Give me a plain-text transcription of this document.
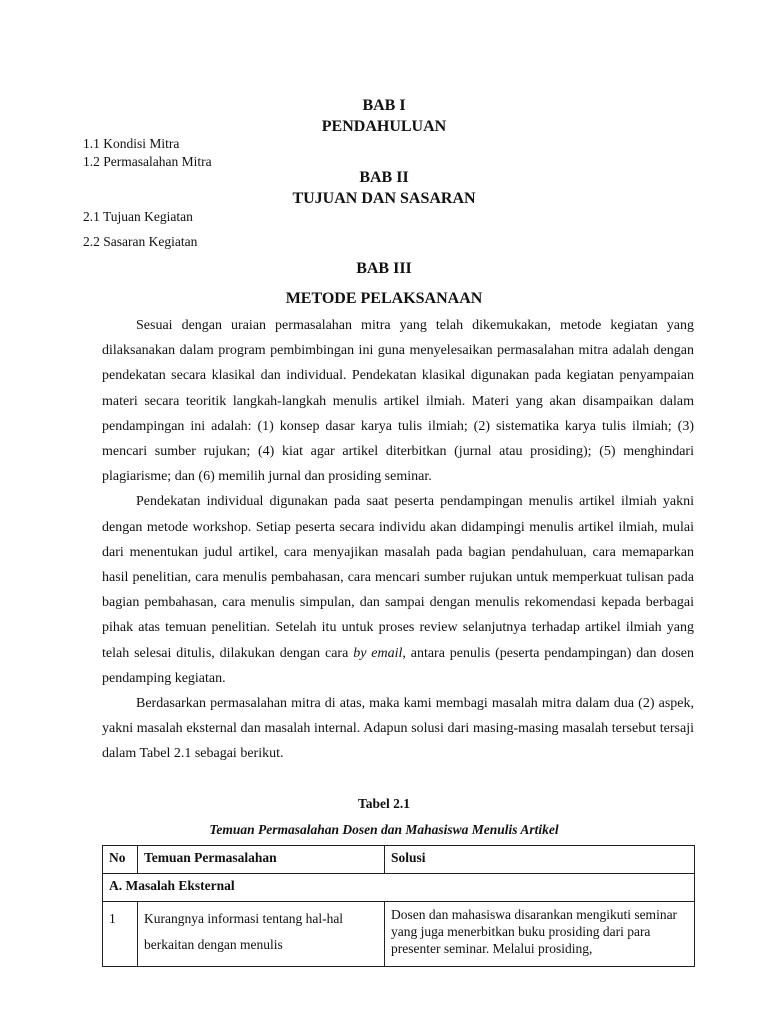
BAB I
PENDAHULUAN
1.1 Kondisi Mitra
1.2 Permasalahan Mitra
BAB II
TUJUAN DAN SASARAN
2.1 Tujuan Kegiatan
2.2 Sasaran Kegiatan
BAB III
METODE PELAKSANAAN

Sesuai dengan uraian permasalahan mitra yang telah dikemukakan, metode kegiatan yang dilaksanakan dalam program pembimbingan ini guna menyelesaikan permasalahan mitra adalah dengan pendekatan secara klasikal dan individual. Pendekatan klasikal digunakan pada kegiatan penyampaian materi secara teoritik langkah-langkah menulis artikel ilmiah. Materi yang akan disampaikan dalam pendampingan ini adalah: (1) konsep dasar karya tulis ilmiah; (2) sistematika karya tulis ilmiah; (3) mencari sumber rujukan; (4) kiat agar artikel diterbitkan (jurnal atau prosiding); (5) menghindari plagiarisme; dan (6) memilih jurnal dan prosiding seminar.

Pendekatan individual digunakan pada saat peserta pendampingan menulis artikel ilmiah yakni dengan metode workshop. Setiap peserta secara individu akan didampingi menulis artikel ilmiah, mulai dari menentukan judul artikel, cara menyajikan masalah pada bagian pendahuluan, cara memaparkan hasil penelitian, cara menulis pembahasan, cara mencari sumber rujukan untuk memperkuat tulisan pada bagian pembahasan, cara menulis simpulan, dan sampai dengan menulis rekomendasi kepada berbagai pihak atas temuan penelitian. Setelah itu untuk proses review selanjutnya terhadap artikel ilmiah yang telah selesai ditulis, dilakukan dengan cara by email, antara penulis (peserta pendampingan) dan dosen pendamping kegiatan.

Berdasarkan permasalahan mitra di atas, maka kami membagi masalah mitra dalam dua (2) aspek, yakni masalah eksternal dan masalah internal. Adapun solusi dari masing-masing masalah tersebut tersaji dalam Tabel 2.1 sebagai berikut.

Tabel 2.1
Temuan Permasalahan Dosen dan Mahasiswa Menulis Artikel
No	Temuan Permasalahan	Solusi
A. Masalah Eksternal		
1	Kurangnya informasi tentang hal-hal berkaitan dengan menulis	Dosen dan mahasiswa disarankan mengikuti seminar yang juga menerbitkan buku prosiding dari para presenter seminar. Melalui prosiding,
